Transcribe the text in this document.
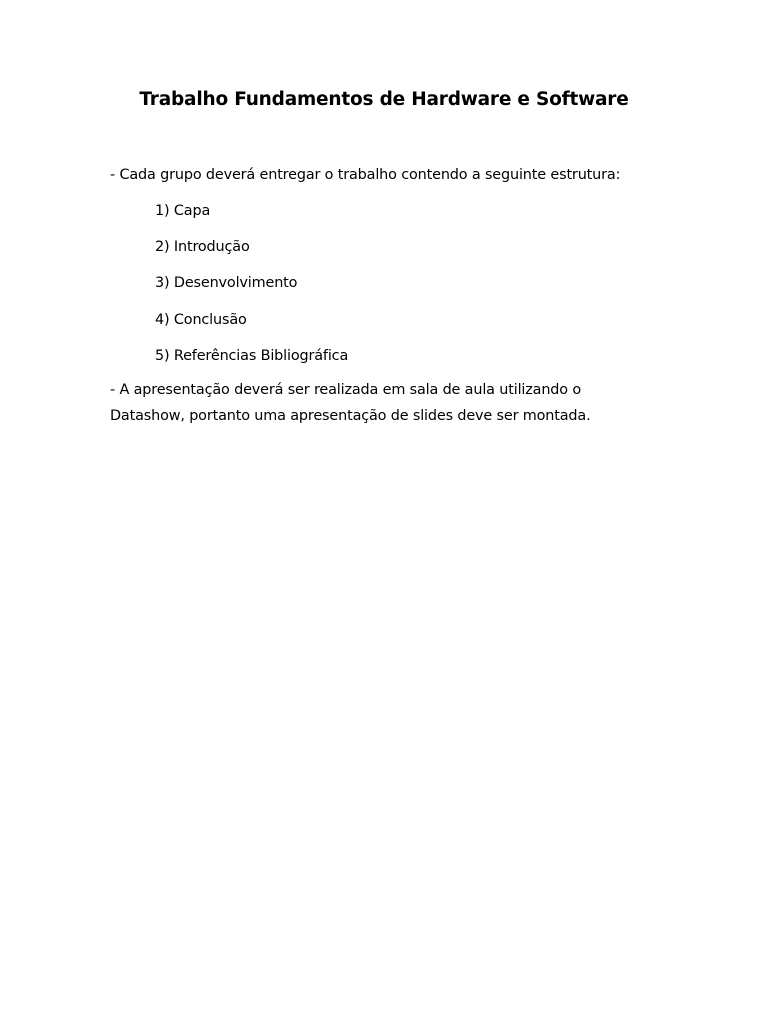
Trabalho Fundamentos de Hardware e Software
- Cada grupo deverá entregar o trabalho contendo a seguinte estrutura:
1) Capa
2) Introdução
3) Desenvolvimento
4) Conclusão
5) Referências Bibliográfica
- A apresentação deverá ser realizada em sala de aula utilizando o
Datashow, portanto uma apresentação de slides deve ser montada.
